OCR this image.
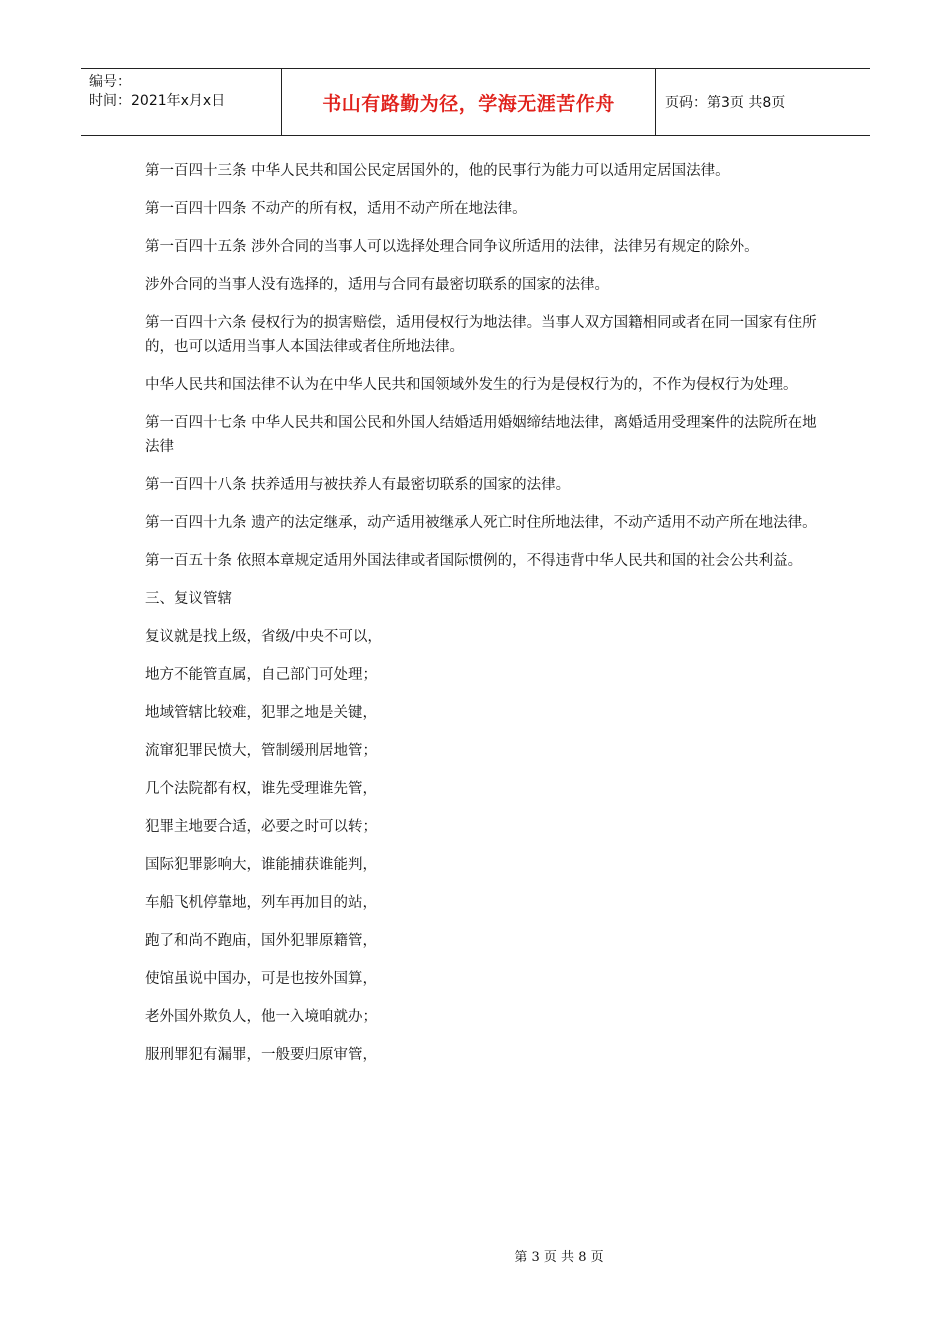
编号：
时间：2021年x月x日	书山有路勤为径，学海无涯苦作舟	页码：第3页 共8页

第一百四十三条 中华人民共和国公民定居国外的，他的民事行为能力可以适用定居国法律。

第一百四十四条 不动产的所有权，适用不动产所在地法律。

第一百四十五条 涉外合同的当事人可以选择处理合同争议所适用的法律，法律另有规定的除外。

涉外合同的当事人没有选择的，适用与合同有最密切联系的国家的法律。

第一百四十六条 侵权行为的损害赔偿，适用侵权行为地法律。当事人双方国籍相同或者在同一国家有住所的，也可以适用当事人本国法律或者住所地法律。

中华人民共和国法律不认为在中华人民共和国领域外发生的行为是侵权行为的，不作为侵权行为处理。

第一百四十七条 中华人民共和国公民和外国人结婚适用婚姻缔结地法律，离婚适用受理案件的法院所在地法律

第一百四十八条 扶养适用与被扶养人有最密切联系的国家的法律。

第一百四十九条 遗产的法定继承，动产适用被继承人死亡时住所地法律，不动产适用不动产所在地法律。

第一百五十条 依照本章规定适用外国法律或者国际惯例的，不得违背中华人民共和国的社会公共利益。

三、复议管辖

复议就是找上级，省级/中央不可以，

地方不能管直属，自己部门可处理；

地域管辖比较难，犯罪之地是关键，

流窜犯罪民愤大，管制缓刑居地管；

几个法院都有权，谁先受理谁先管，

犯罪主地要合适，必要之时可以转；

国际犯罪影响大，谁能捕获谁能判，

车船飞机停靠地，列车再加目的站，

跑了和尚不跑庙，国外犯罪原籍管，

使馆虽说中国办，可是也按外国算，

老外国外欺负人，他一入境咱就办；

服刑罪犯有漏罪，一般要归原审管，

第 3 页 共 8 页
